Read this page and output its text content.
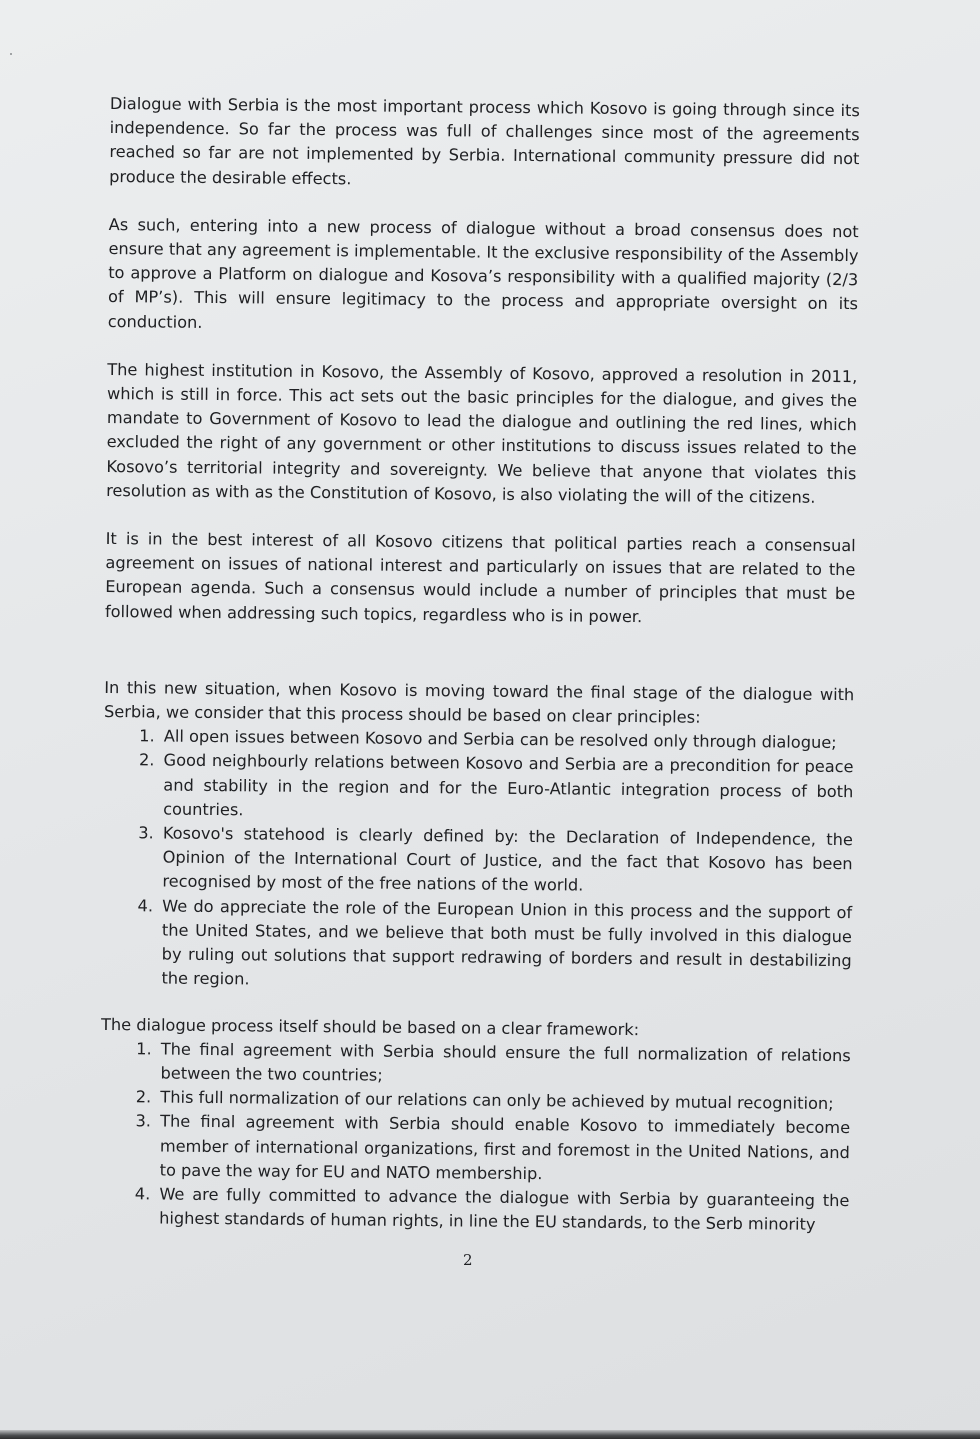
Dialogue with Serbia is the most important process which Kosovo is going through since its independence. So far the process was full of challenges since most of the agreements reached so far are not implemented by Serbia. International community pressure did not produce the desirable effects.

As such, entering into a new process of dialogue without a broad consensus does not ensure that any agreement is implementable. It the exclusive responsibility of the Assembly to approve a Platform on dialogue and Kosova’s responsibility with a qualified majority (2/3 of MP’s). This will ensure legitimacy to the process and appropriate oversight on its conduction.

The highest institution in Kosovo, the Assembly of Kosovo, approved a resolution in 2011, which is still in force. This act sets out the basic principles for the dialogue, and gives the mandate to Government of Kosovo to lead the dialogue and outlining the red lines, which excluded the right of any government or other institutions to discuss issues related to the Kosovo’s territorial integrity and sovereignty. We believe that anyone that violates this resolution as with as the Constitution of Kosovo, is also violating the will of the citizens.

It is in the best interest of all Kosovo citizens that political parties reach a consensual agreement on issues of national interest and particularly on issues that are related to the European agenda. Such a consensus would include a number of principles that must be followed when addressing such topics, regardless who is in power.

In this new situation, when Kosovo is moving toward the final stage of the dialogue with Serbia, we consider that this process should be based on clear principles:

1. All open issues between Kosovo and Serbia can be resolved only through dialogue;
2. Good neighbourly relations between Kosovo and Serbia are a precondition for peace and stability in the region and for the Euro-Atlantic integration process of both countries.
3. Kosovo's statehood is clearly defined by: the Declaration of Independence, the Opinion of the International Court of Justice, and the fact that Kosovo has been recognised by most of the free nations of the world.
4. We do appreciate the role of the European Union in this process and the support of the United States, and we believe that both must be fully involved in this dialogue by ruling out solutions that support redrawing of borders and result in destabilizing the region.

The dialogue process itself should be based on a clear framework:

1. The final agreement with Serbia should ensure the full normalization of relations between the two countries;
2. This full normalization of our relations can only be achieved by mutual recognition;
3. The final agreement with Serbia should enable Kosovo to immediately become member of international organizations, first and foremost in the United Nations, and to pave the way for EU and NATO membership.
4. We are fully committed to advance the dialogue with Serbia by guaranteeing the highest standards of human rights, in line the EU standards, to the Serb minority
2
